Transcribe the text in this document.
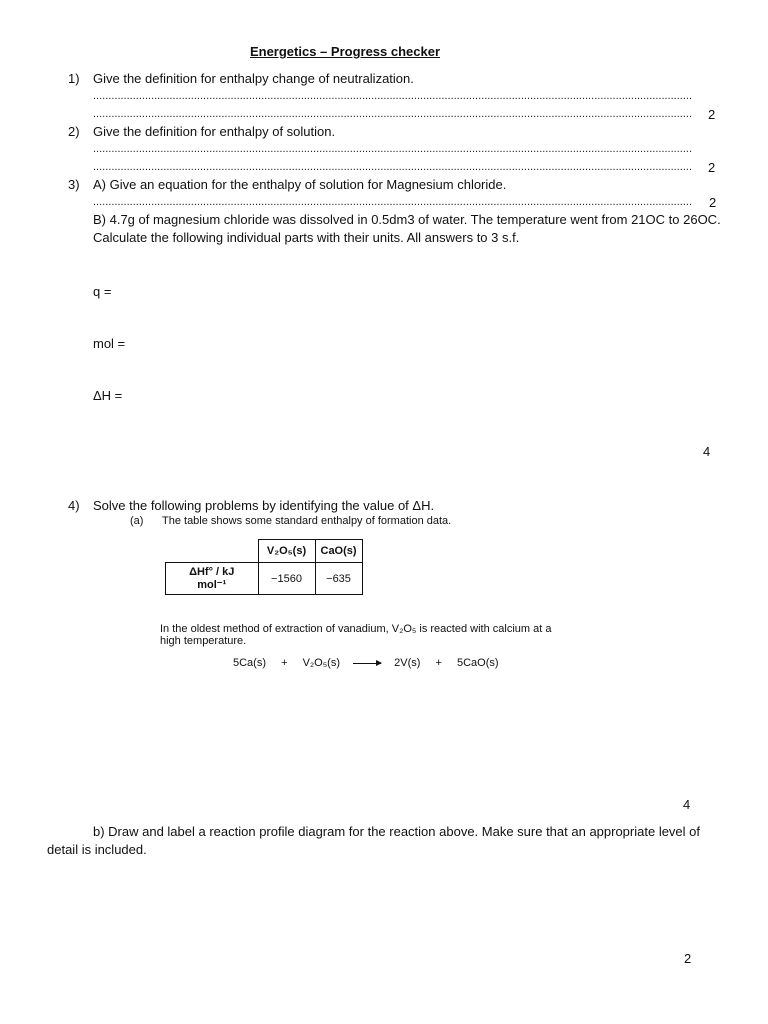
Energetics – Progress checker
1) Give the definition for enthalpy change of neutralization.
....................................................................................................................................................................................................
....................................................................................................................................................................................................	2
2) Give the definition for enthalpy of solution.
....................................................................................................................................................................................................
....................................................................................................................................................................................................	2
3) A) Give an equation for the enthalpy of solution for Magnesium chloride.
.................................................................................................................................................................................................... 2
B) 4.7g of magnesium chloride was dissolved in 0.5dm3 of water. The temperature went from 21OC to 26OC.
Calculate the following individual parts with their units. All answers to 3 s.f.
q =
mol =
ΔH =
4
4) Solve the following problems by identifying the value of ΔH.
(a) The table shows some standard enthalpy of formation data.
	V₂O₅(s)	CaO(s)
ΔHf° / kJ mol⁻¹	−1560	−635
In the oldest method of extraction of vanadium, V₂O₅ is reacted with calcium at a
high temperature.
5Ca(s) + V₂O₅(s) → 2V(s) + 5CaO(s)
4
b) Draw and label a reaction profile diagram for the reaction above. Make sure that an appropriate level of
detail is included.
2
